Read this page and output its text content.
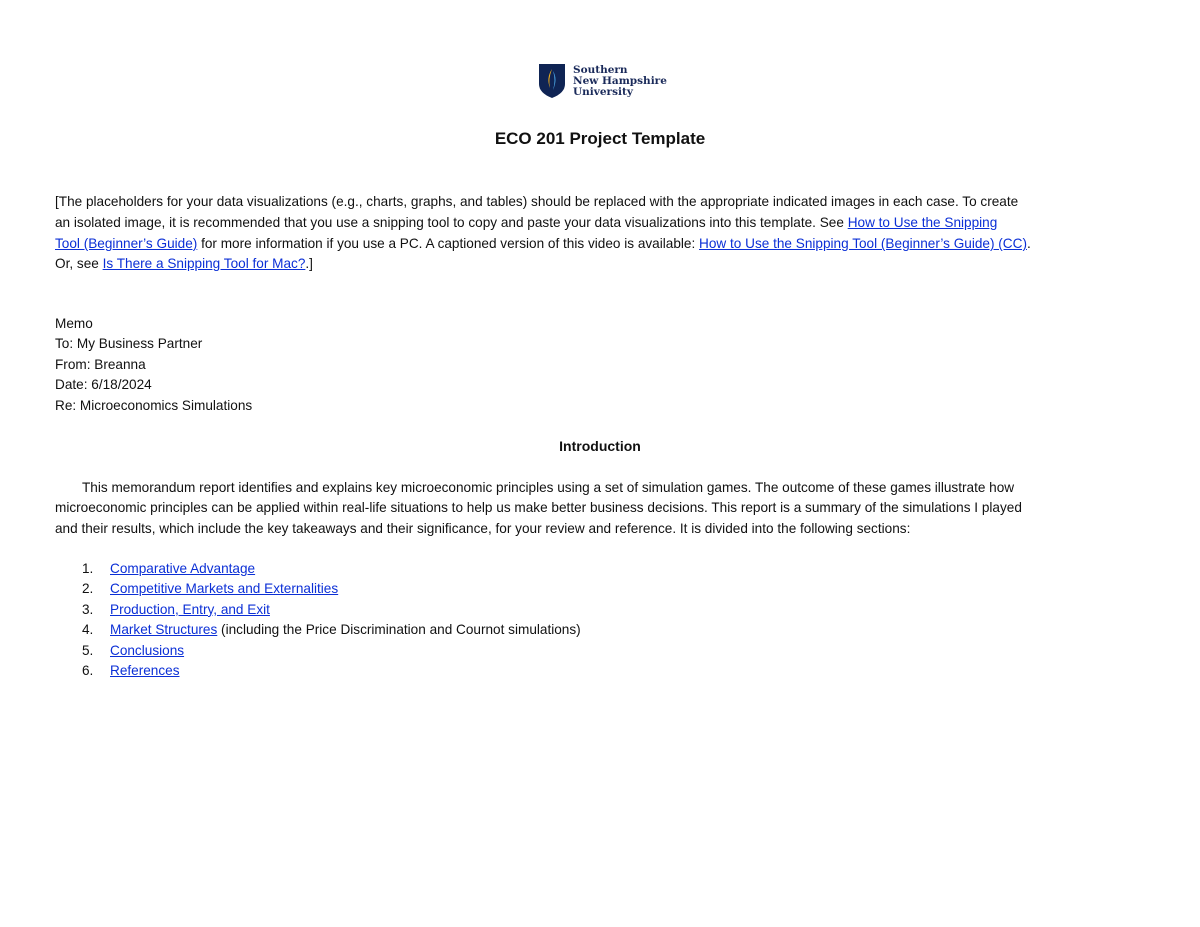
Southern
New Hampshire
University
ECO 201 Project Template
[The placeholders for your data visualizations (e.g., charts, graphs, and tables) should be replaced with the appropriate indicated images in each case. To create
an isolated image, it is recommended that you use a snipping tool to copy and paste your data visualizations into this template. See How to Use the Snipping
Tool (Beginner’s Guide) for more information if you use a PC. A captioned version of this video is available: How to Use the Snipping Tool (Beginner’s Guide) (CC).
Or, see Is There a Snipping Tool for Mac?.]
Memo
To: My Business Partner
From: Breanna
Date: 6/18/2024
Re: Microeconomics Simulations
Introduction
This memorandum report identifies and explains key microeconomic principles using a set of simulation games. The outcome of these games illustrate how
microeconomic principles can be applied within real-life situations to help us make better business decisions. This report is a summary of the simulations I played
and their results, which include the key takeaways and their significance, for your review and reference. It is divided into the following sections:
1. Comparative Advantage
2. Competitive Markets and Externalities
3. Production, Entry, and Exit
4. Market Structures (including the Price Discrimination and Cournot simulations)
5. Conclusions
6. References
